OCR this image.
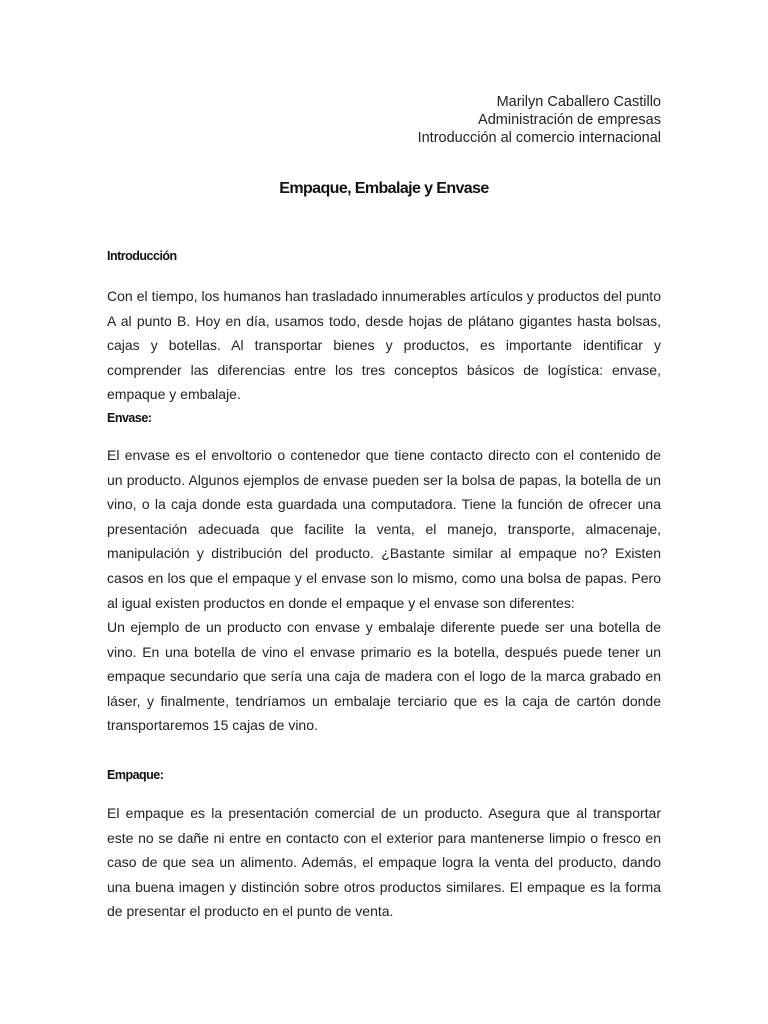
Marilyn Caballero Castillo
Administración de empresas
Introducción al comercio internacional
Empaque, Embalaje y Envase
Introducción

Con el tiempo, los humanos han trasladado innumerables artículos y productos del punto A al punto B. Hoy en día, usamos todo, desde hojas de plátano gigantes hasta bolsas, cajas y botellas. Al transportar bienes y productos, es importante identificar y comprender las diferencias entre los tres conceptos básicos de logística: envase, empaque y embalaje.

Envase:

El envase es el envoltorio o contenedor que tiene contacto directo con el contenido de un producto. Algunos ejemplos de envase pueden ser la bolsa de papas, la botella de un vino, o la caja donde esta guardada una computadora. Tiene la función de ofrecer una presentación adecuada que facilite la venta, el manejo, transporte, almacenaje, manipulación y distribución del producto. ¿Bastante similar al empaque no? Existen casos en los que el empaque y el envase son lo mismo, como una bolsa de papas. Pero al igual existen productos en donde el empaque y el envase son diferentes:

Un ejemplo de un producto con envase y embalaje diferente puede ser una botella de vino. En una botella de vino el envase primario es la botella, después puede tener un empaque secundario que sería una caja de madera con el logo de la marca grabado en láser, y finalmente, tendríamos un embalaje terciario que es la caja de cartón donde transportaremos 15 cajas de vino.

Empaque:

El empaque es la presentación comercial de un producto. Asegura que al transportar este no se dañe ni entre en contacto con el exterior para mantenerse limpio o fresco en caso de que sea un alimento. Además, el empaque logra la venta del producto, dando una buena imagen y distinción sobre otros productos similares. El empaque es la forma de presentar el producto en el punto de venta.
